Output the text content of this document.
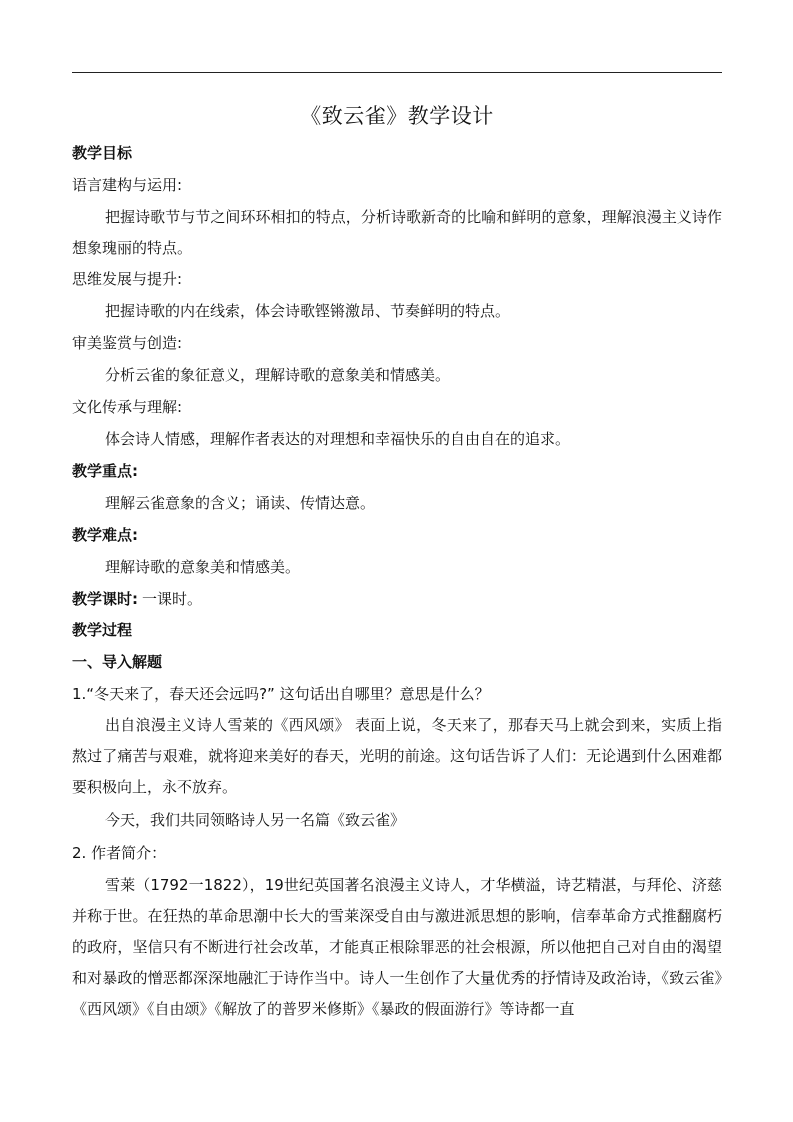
《致云雀》教学设计
教学目标
语言建构与运用:
把握诗歌节与节之间环环相扣的特点，分析诗歌新奇的比喻和鲜明的意象，理解浪漫主义诗作想象瑰丽的特点。
思维发展与提升:
把握诗歌的内在线索，体会诗歌铿锵激昂、节奏鲜明的特点。
审美鉴赏与创造:
分析云雀的象征意义，理解诗歌的意象美和情感美。
文化传承与理解:
体会诗人情感，理解作者表达的对理想和幸福快乐的自由自在的追求。
教学重点:
理解云雀意象的含义；诵读、传情达意。
教学难点:
理解诗歌的意象美和情感美。
教学课时: 一课时。
教学过程
一、导入解题
1.“冬天来了，春天还会远吗?” 这句话出自哪里？意思是什么？
出自浪漫主义诗人雪莱的《西风颂》 表面上说，冬天来了，那春天马上就会到来，实质上指熬过了痛苦与艰难，就将迎来美好的春天，光明的前途。这句话告诉了人们：无论遇到什么困难都要积极向上，永不放弃。
今天，我们共同领略诗人另一名篇《致云雀》
2. 作者简介：
雪莱（1792一1822），19世纪英国著名浪漫主义诗人，才华横溢，诗艺精湛，与拜伦、济慈并称于世。在狂热的革命思潮中长大的雪莱深受自由与激进派思想的影响，信奉革命方式推翻腐朽的政府，坚信只有不断进行社会改革，才能真正根除罪恶的社会根源，所以他把自己对自由的渴望和对暴政的憎恶都深深地融汇于诗作当中。诗人一生创作了大量优秀的抒情诗及政治诗，《致云雀》《西风颂》《自由颂》《解放了的普罗米修斯》《暴政的假面游行》等诗都一直
